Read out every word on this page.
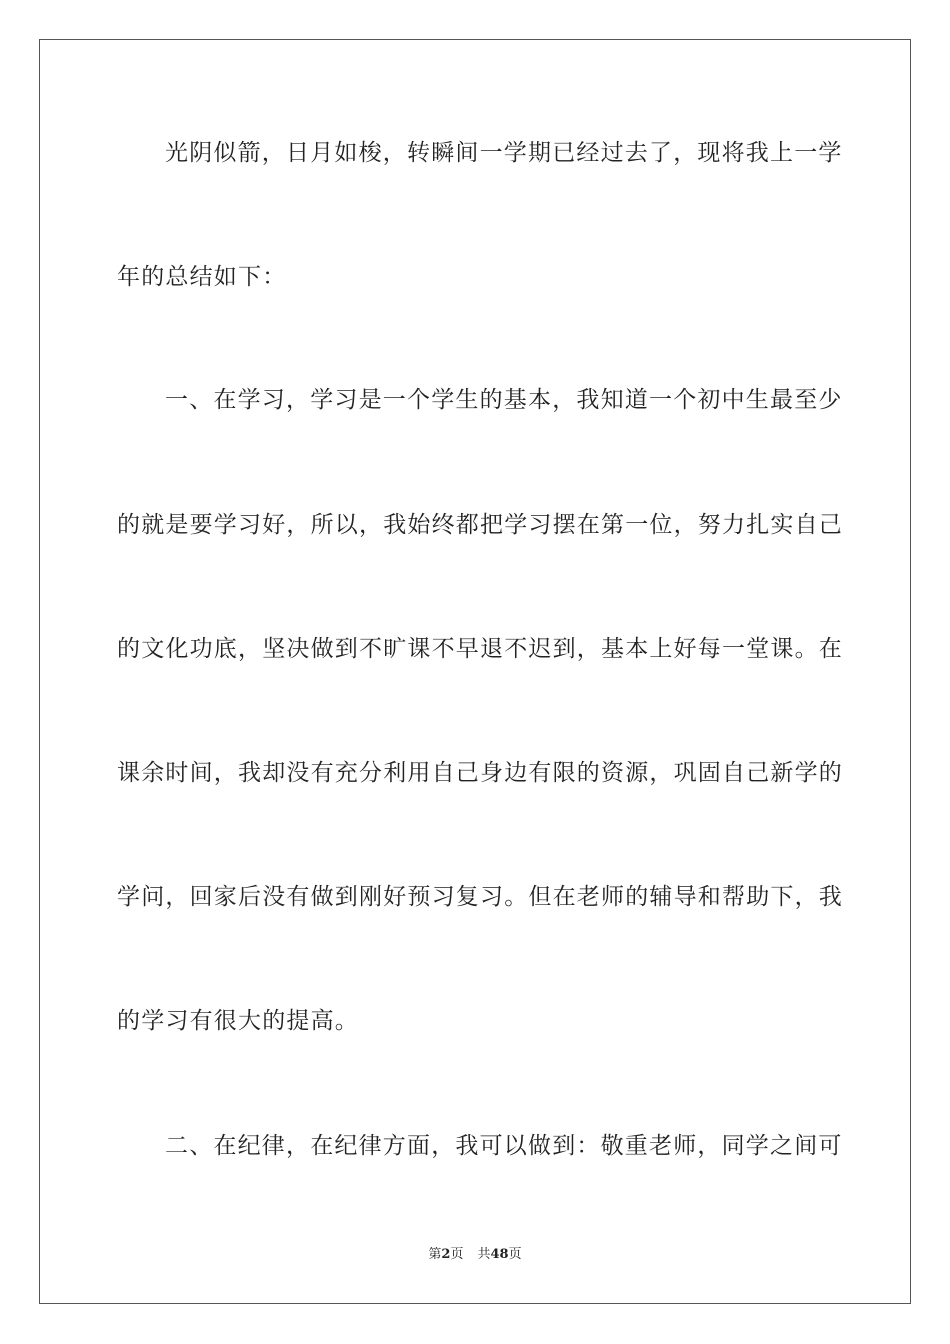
光阴似箭，日月如梭，转瞬间一学期已经过去了，现将我上一学
年的总结如下：
一、在学习，学习是一个学生的基本，我知道一个初中生最至少
的就是要学习好，所以，我始终都把学习摆在第一位，努力扎实自己
的文化功底，坚决做到不旷课不早退不迟到，基本上好每一堂课。在
课余时间，我却没有充分利用自己身边有限的资源，巩固自己新学的
学问，回家后没有做到刚好预习复习。但在老师的辅导和帮助下，我
的学习有很大的提高。
二、在纪律，在纪律方面，我可以做到：敬重老师，同学之间可
第2页 共48页
